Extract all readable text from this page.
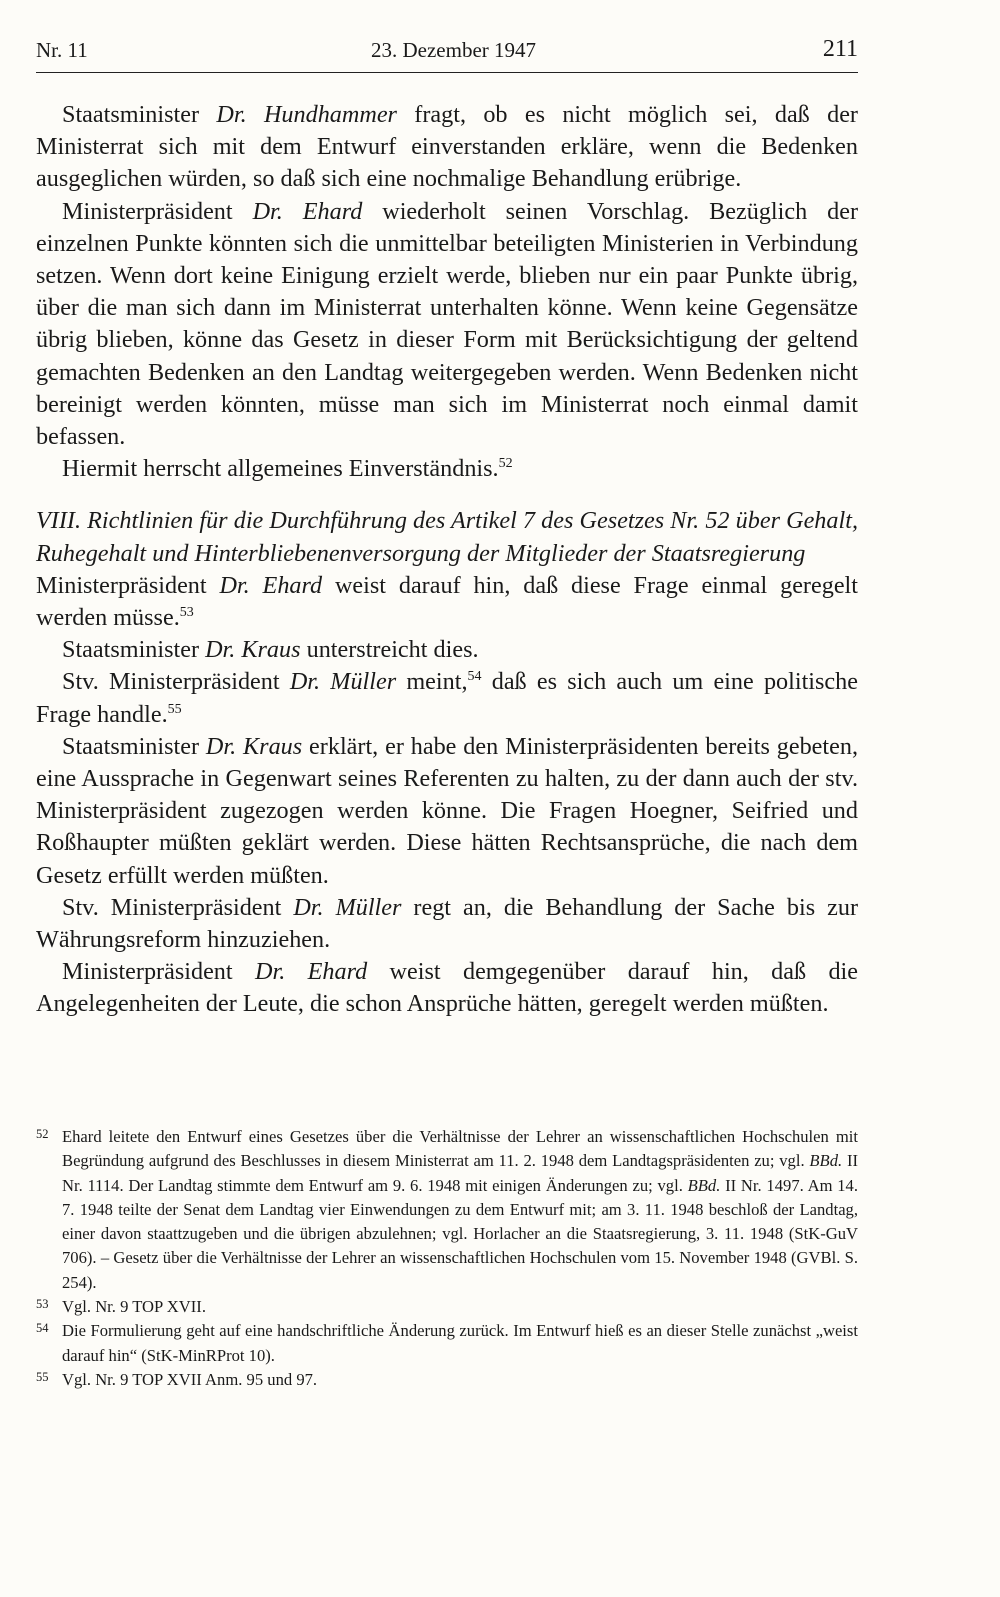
Nr. 11	23. Dezember 1947	211

Staatsminister Dr. Hundhammer fragt, ob es nicht möglich sei, daß der Ministerrat sich mit dem Entwurf einverstanden erkläre, wenn die Bedenken ausgeglichen würden, so daß sich eine nochmalige Behandlung erübrige.

Ministerpräsident Dr. Ehard wiederholt seinen Vorschlag. Bezüglich der einzelnen Punkte könnten sich die unmittelbar beteiligten Ministerien in Verbindung setzen. Wenn dort keine Einigung erzielt werde, blieben nur ein paar Punkte übrig, über die man sich dann im Ministerrat unterhalten könne. Wenn keine Gegensätze übrig blieben, könne das Gesetz in dieser Form mit Berücksichtigung der geltend gemachten Bedenken an den Landtag weitergegeben werden. Wenn Bedenken nicht bereinigt werden könnten, müsse man sich im Ministerrat noch einmal damit befassen.

Hiermit herrscht allgemeines Einverständnis.$^{52}$

VIII. Richtlinien für die Durchführung des Artikel 7 des Gesetzes Nr. 52 über Gehalt, Ruhegehalt und Hinterbliebenenversorgung der Mitglieder der Staatsregierung

Ministerpräsident Dr. Ehard weist darauf hin, daß diese Frage einmal geregelt werden müsse.$^{53}$

Staatsminister Dr. Kraus unterstreicht dies.

Stv. Ministerpräsident Dr. Müller meint,$^{54}$ daß es sich auch um eine politische Frage handle.$^{55}$

Staatsminister Dr. Kraus erklärt, er habe den Ministerpräsidenten bereits gebeten, eine Aussprache in Gegenwart seines Referenten zu halten, zu der dann auch der stv. Ministerpräsident zugezogen werden könne. Die Fragen Hoegner, Seifried und Roßhaupter müßten geklärt werden. Diese hätten Rechtsansprüche, die nach dem Gesetz erfüllt werden müßten.

Stv. Ministerpräsident Dr. Müller regt an, die Behandlung der Sache bis zur Währungsreform hinzuziehen.

Ministerpräsident Dr. Ehard weist demgegenüber darauf hin, daß die Angelegenheiten der Leute, die schon Ansprüche hätten, geregelt werden müßten.

52 Ehard leitete den Entwurf eines Gesetzes über die Verhältnisse der Lehrer an wissenschaftlichen Hochschulen mit Begründung aufgrund des Beschlusses in diesem Ministerrat am 11. 2. 1948 dem Landtagspräsidenten zu; vgl. BBd. II Nr. 1114. Der Landtag stimmte dem Entwurf am 9. 6. 1948 mit einigen Änderungen zu; vgl. BBd. II Nr. 1497. Am 14. 7. 1948 teilte der Senat dem Landtag vier Einwendungen zu dem Entwurf mit; am 3. 11. 1948 beschloß der Landtag, einer davon staattzugeben und die übrigen abzulehnen; vgl. Horlacher an die Staatsregierung, 3. 11. 1948 (StK-GuV 706). – Gesetz über die Verhältnisse der Lehrer an wissenschaftlichen Hochschulen vom 15. November 1948 (GVBl. S. 254).
53 Vgl. Nr. 9 TOP XVII.
54 Die Formulierung geht auf eine handschriftliche Änderung zurück. Im Entwurf hieß es an dieser Stelle zunächst „weist darauf hin“ (StK-MinRProt 10).
55 Vgl. Nr. 9 TOP XVII Anm. 95 und 97.
